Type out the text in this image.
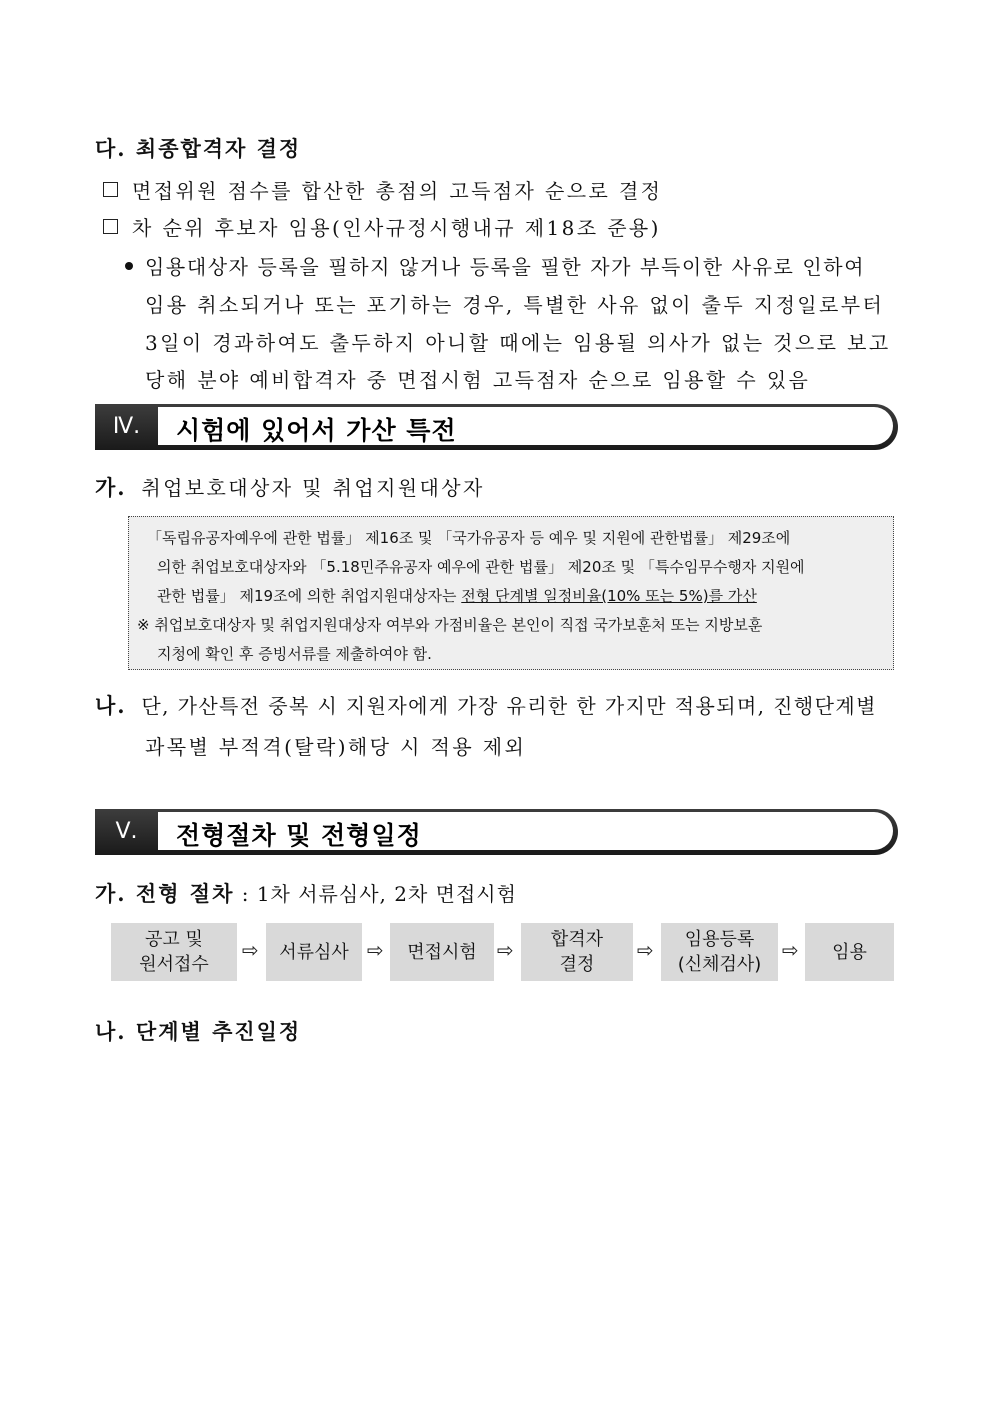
다. 최종합격자 결정
면접위원 점수를 합산한 총점의 고득점자 순으로 결정
차 순위 후보자 임용(인사규정시행내규 제18조 준용)
임용대상자 등록을 필하지 않거나 등록을 필한 자가 부득이한 사유로 인하여
임용 취소되거나 또는 포기하는 경우, 특별한 사유 없이 출두 지정일로부터
3일이 경과하여도 출두하지 아니할 때에는 임용될 의사가 없는 것으로 보고
당해 분야 예비합격자 중 면접시험 고득점자 순으로 임용할 수 있음
Ⅳ.	시험에 있어서 가산 특전
가. 취업보호대상자 및 취업지원대상자
「독립유공자예우에 관한 법률」 제16조 및 「국가유공자 등 예우 및 지원에 관한법률」 제29조에
의한 취업보호대상자와 「5.18민주유공자 예우에 관한 법률」 제20조 및 「특수임무수행자 지원에
관한 법률」 제19조에 의한 취업지원대상자는 전형 단계별 일정비율(10% 또는 5%)를 가산
※ 취업보호대상자 및 취업지원대상자 여부와 가점비율은 본인이 직접 국가보훈처 또는 지방보훈
지청에 확인 후 증빙서류를 제출하여야 함.
나. 단, 가산특전 중복 시 지원자에게 가장 유리한 한 가지만 적용되며, 진행단계별
과목별 부적격(탈락)해당 시 적용 제외
Ⅴ.	전형절차 및 전형일정
가. 전형 절차 : 1차 서류심사, 2차 면접시험
공고 및
원서접수
⇨ 서류심사 ⇨ 면접시험 ⇨ 합격자
결정
⇨	임용등록
(신체검사)
⇨ 임용
나. 단계별 추진일정
